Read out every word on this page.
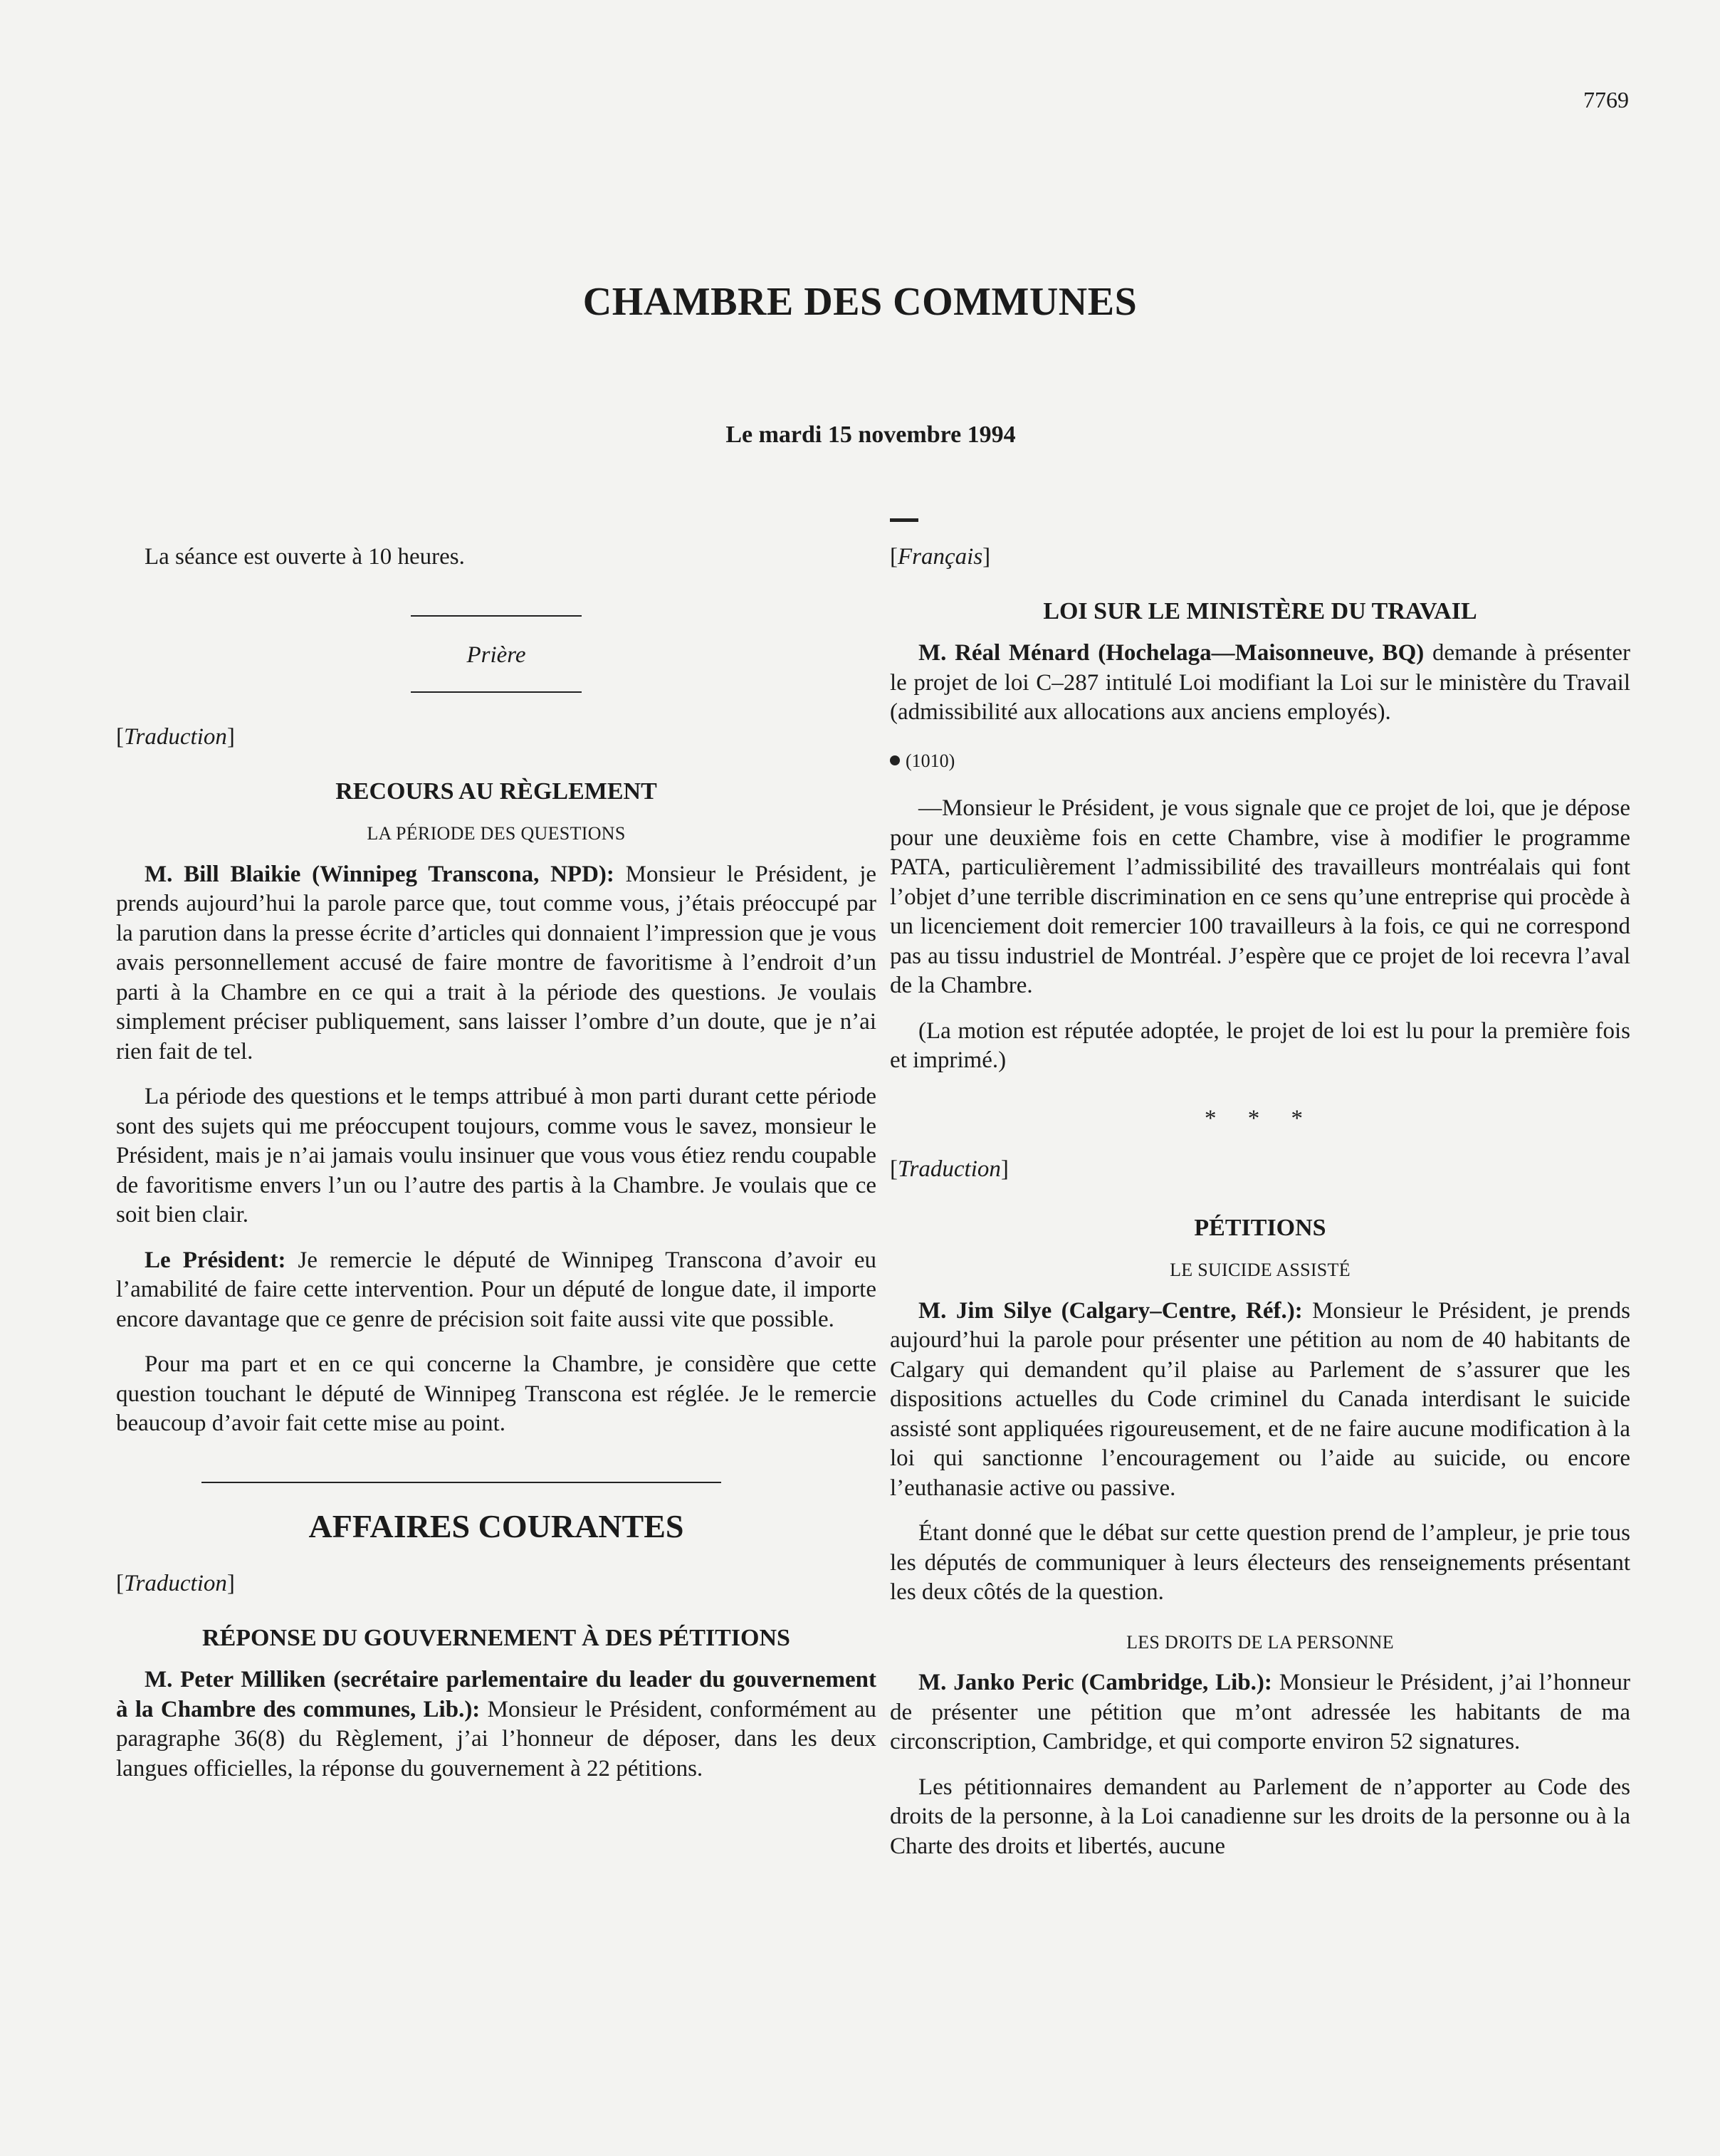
7769
CHAMBRE DES COMMUNES
Le mardi 15 novembre 1994

La séance est ouverte à 10 heures.

Prière

[Traduction]

RECOURS AU RÈGLEMENT
LA PÉRIODE DES QUESTIONS

M. Bill Blaikie (Winnipeg Transcona, NPD): Monsieur le Président, je prends aujourd’hui la parole parce que, tout comme vous, j’étais préoccupé par la parution dans la presse écrite d’articles qui donnaient l’impression que je vous avais personnellement accusé de faire montre de favoritisme à l’endroit d’un parti à la Chambre en ce qui a trait à la période des questions. Je voulais simplement préciser publiquement, sans laisser l’ombre d’un doute, que je n’ai rien fait de tel.

La période des questions et le temps attribué à mon parti durant cette période sont des sujets qui me préoccupent toujours, comme vous le savez, monsieur le Président, mais je n’ai jamais voulu insinuer que vous vous étiez rendu coupable de favoritisme envers l’un ou l’autre des partis à la Chambre. Je voulais que ce soit bien clair.

Le Président: Je remercie le député de Winnipeg Transcona d’avoir eu l’amabilité de faire cette intervention. Pour un député de longue date, il importe encore davantage que ce genre de précision soit faite aussi vite que possible.

Pour ma part et en ce qui concerne la Chambre, je considère que cette question touchant le député de Winnipeg Transcona est réglée. Je le remercie beaucoup d’avoir fait cette mise au point.

AFFAIRES COURANTES

[Traduction]

RÉPONSE DU GOUVERNEMENT À DES PÉTITIONS

M. Peter Milliken (secrétaire parlementaire du leader du gouvernement à la Chambre des communes, Lib.): Monsieur le Président, conformément au paragraphe 36(8) du Règlement, j’ai l’honneur de déposer, dans les deux langues officielles, la réponse du gouvernement à 22 pétitions.

[Français]

LOI SUR LE MINISTÈRE DU TRAVAIL

M. Réal Ménard (Hochelaga—Maisonneuve, BQ) demande à présenter le projet de loi C–287 intitulé Loi modifiant la Loi sur le ministère du Travail (admissibilité aux allocations aux anciens employés).

(1010)

—Monsieur le Président, je vous signale que ce projet de loi, que je dépose pour une deuxième fois en cette Chambre, vise à modifier le programme PATA, particulièrement l’admissibilité des travailleurs montréalais qui font l’objet d’une terrible discrimination en ce sens qu’une entreprise qui procède à un licenciement doit remercier 100 travailleurs à la fois, ce qui ne correspond pas au tissu industriel de Montréal. J’espère que ce projet de loi recevra l’aval de la Chambre.

(La motion est réputée adoptée, le projet de loi est lu pour la première fois et imprimé.)

* * *

[Traduction]

PÉTITIONS
LE SUICIDE ASSISTÉ

M. Jim Silye (Calgary–Centre, Réf.): Monsieur le Président, je prends aujourd’hui la parole pour présenter une pétition au nom de 40 habitants de Calgary qui demandent qu’il plaise au Parlement de s’assurer que les dispositions actuelles du Code criminel du Canada interdisant le suicide assisté sont appliquées rigoureusement, et de ne faire aucune modification à la loi qui sanctionne l’encouragement ou l’aide au suicide, ou encore l’euthanasie active ou passive.

Étant donné que le débat sur cette question prend de l’ampleur, je prie tous les députés de communiquer à leurs électeurs des renseignements présentant les deux côtés de la question.

LES DROITS DE LA PERSONNE

M. Janko Peric (Cambridge, Lib.): Monsieur le Président, j’ai l’honneur de présenter une pétition que m’ont adressée les habitants de ma circonscription, Cambridge, et qui comporte environ 52 signatures.

Les pétitionnaires demandent au Parlement de n’apporter au Code des droits de la personne, à la Loi canadienne sur les droits de la personne ou à la Charte des droits et libertés, aucune
